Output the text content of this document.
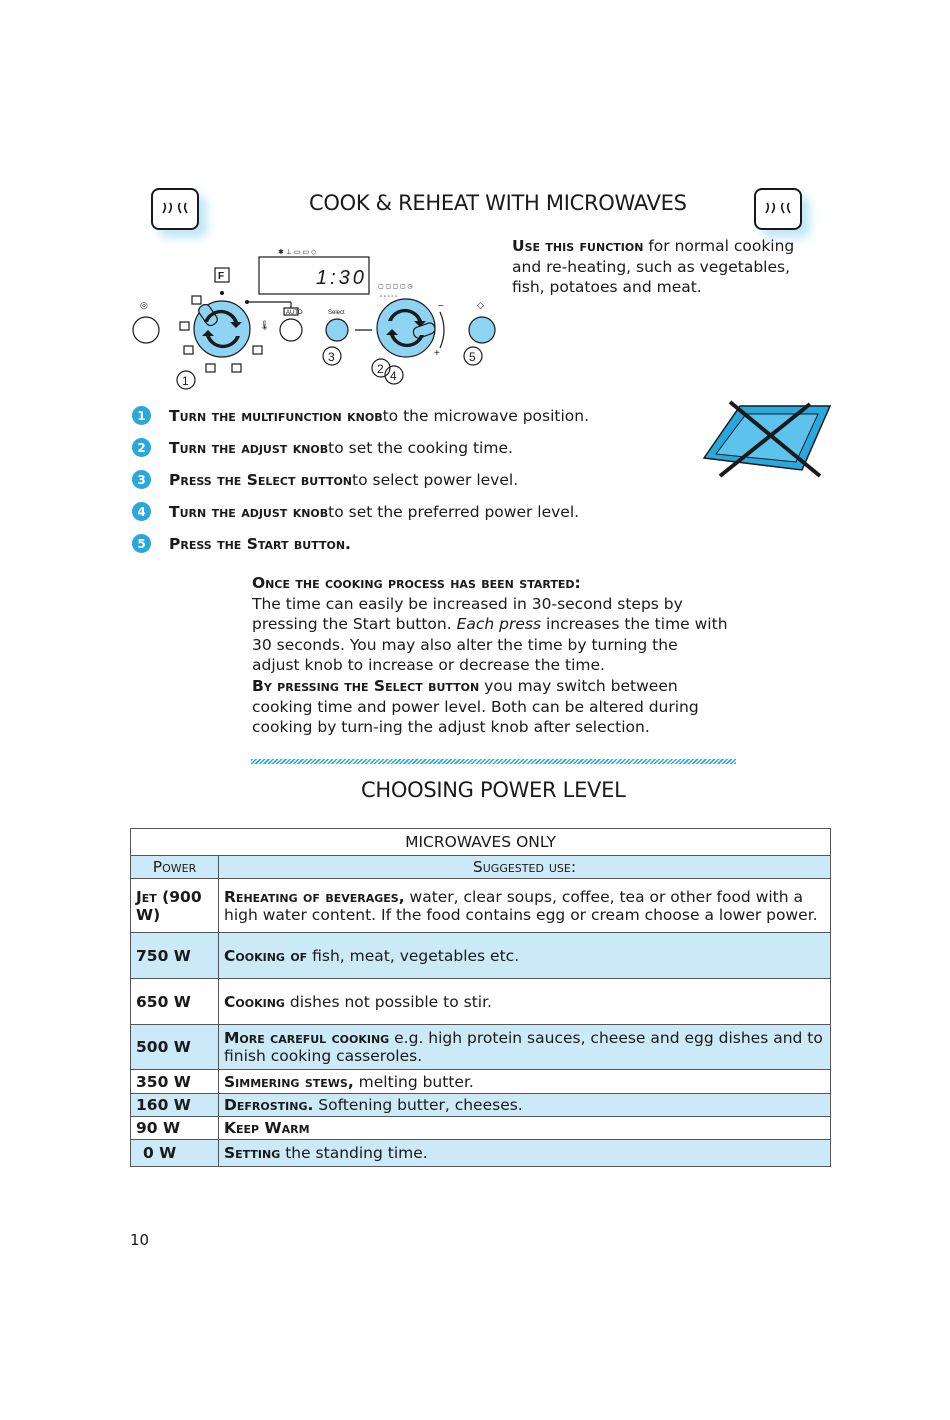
COOK & REHEAT WITH MICROWAVES
Use this function for normal cooking and re-heating, such as vegetables, fish, potatoes and meat.
1:30
F
AUTO	Select
1
2
3
4
5
+
−
◎	◇
✱ ⊥ ▭ ▭ ◇
▢ ▢ ▢ ▢ ◷
▫ ▫ ▫ ▫ ▫
🌡︎
1	Turn the multifunction knob to the microwave position.
2	Turn the adjust knob to set the cooking time.
3	Press the Select button to select power level.
4	Turn the adjust knob to set the preferred power level.
5	Press the Start button.
Once the cooking process has been started:
The time can easily be increased in 30-second steps by pressing the Start button. Each press increases the time with 30 seconds. You may also alter the time by turning the adjust knob to increase or decrease the time.
By pressing the Select button you may switch between cooking time and power level. Both can be altered during cooking by turn-ing the adjust knob after selection.
CHOOSING POWER LEVEL
MICROWAVES ONLY	
Power	Suggested use:
Jet (900 W)	Reheating of beverages, water, clear soups, coffee, tea or other food with a high water content. If the food contains egg or cream choose a lower power.
750 W	Cooking of fish, meat, vegetables etc.
650 W	Cooking dishes not possible to stir.
500 W	More careful cooking e.g. high protein sauces, cheese and egg dishes and to finish cooking casseroles.
350 W	Simmering stews, melting butter.
160 W	Defrosting. Softening butter, cheeses.
90 W	Keep Warm
0 W	Setting the standing time.
10
